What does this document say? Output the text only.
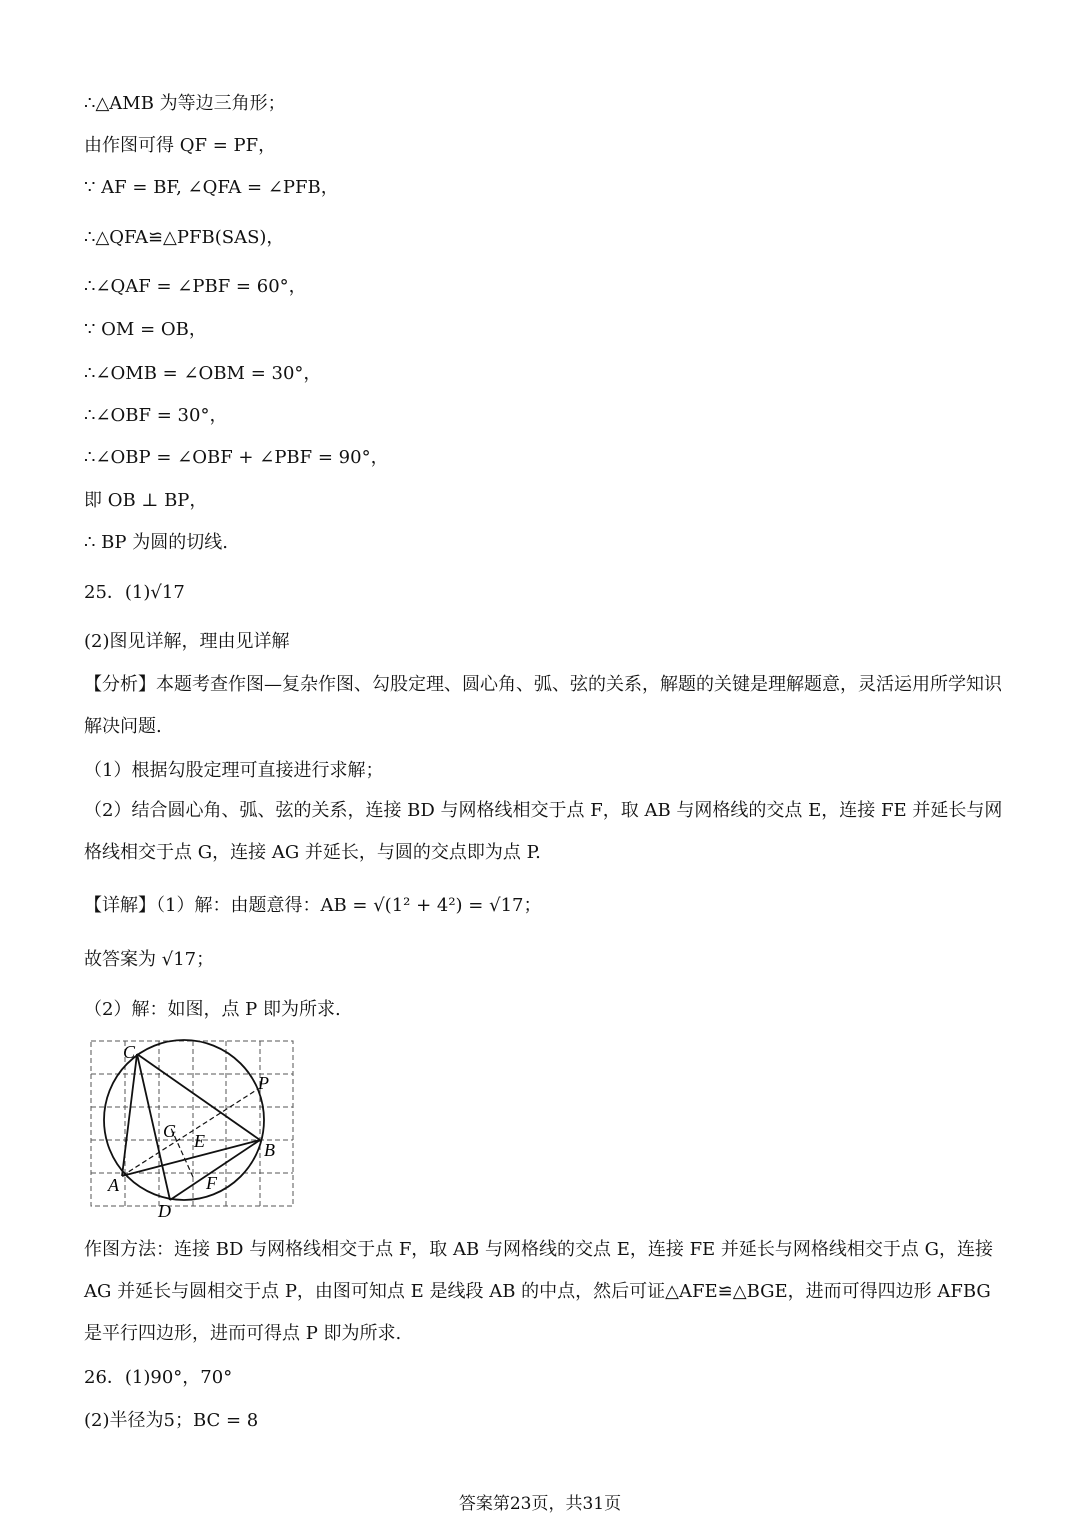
∴△AMB 为等边三角形；
由作图可得 QF = PF，
∵ AF = BF, ∠QFA = ∠PFB，
∴△QFA≌△PFB(SAS)，
∴∠QAF = ∠PBF = 60°，
∵ OM = OB，
∴∠OMB = ∠OBM = 30°，
∴∠OBF = 30°，
∴∠OBP = ∠OBF + ∠PBF = 90°，
即 OB ⊥ BP，
∴ BP 为圆的切线.
25．(1)√17
(2)图见详解，理由见详解
【分析】本题考查作图—复杂作图、勾股定理、圆心角、弧、弦的关系，解题的关键是理解题意，灵活运用所学知识解决问题.
（1）根据勾股定理可直接进行求解；
（2）结合圆心角、弧、弦的关系，连接 BD 与网格线相交于点 F，取 AB 与网格线的交点 E，连接 FE 并延长与网格线相交于点 G，连接 AG 并延长，与圆的交点即为点 P.
【详解】（1）解：由题意得：AB = √(1² + 4²) = √17；
故答案为 √17；
（2）解：如图，点 P 即为所求.
C
P
G E	B
A	F
D
作图方法：连接 BD 与网格线相交于点 F，取 AB 与网格线的交点 E，连接 FE 并延长与网格线相交于点 G，连接 AG 并延长与圆相交于点 P，由图可知点 E 是线段 AB 的中点，然后可证△AFE≌△BGE，进而可得四边形 AFBG 是平行四边形，进而可得点 P 即为所求.
26．(1)90°，70°
(2)半径为5；BC = 8
答案第23页，共31页
